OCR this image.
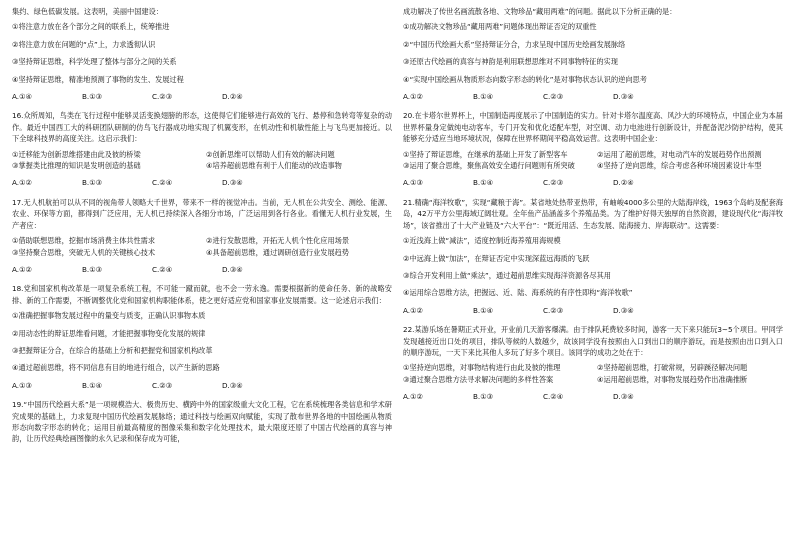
集约、绿色低碳发展。这表明，美丽中国建设：

①将注意力放在各个部分之间的联系上，统筹推进

②将注意力放在问题的“点”上，力求透彻认识

③坚持辩证思维，科学处理了整体与部分之间的关系

④坚持辩证思维，精准地预测了事物的发生、发展过程

A.①④	B.①③	C.②③	D.②④

16.众所周知，鸟类在飞行过程中能够灵活变换翅膀的形态，这使得它们能够进行高效的飞行、悬停和急转弯等复杂的动作。最近中国西工大的科研团队研制的仿鸟飞行器成功地实现了机翼变形，在机动性和机敏性能上与飞鸟更加接近。以下全球科技界的高度关注。这启示我们：

①迁移能为创新思维搭建由此及彼的桥梁	②创新思维可以帮助人们有效的解决问题
③掌握类比推理的知识是发明创造的基础	④培养超前思维有利于人们能动的改造事物
A.①②	B.①③	C.②④	D.③④

17.无人机航拍可以从不同的视角带人领略大千世界，带来不一样的视觉冲击。当前，无人机在公共安全、测绘、能源、农业、环保等方面，都得到广泛应用，无人机已持续深入各细分市场，广泛运用到各行各业。看懂无人机行业发展，生产者应：

①借助联想思维，挖掘市场消费主体共性需求	②进行发散思维，开拓无人机个性化应用场景
③坚持聚合思维，突破无人机的关键核心技术	④具备超前思维，通过调研创造行业发展趋势
A.①②	B.①③	C.②④	D.③④

18.党和国家机构改革是一项复杂系统工程，不可能一蹴而就，也不会一劳永逸。需要根据新的使命任务、新的战略安排、新的工作需要，不断调整优化党和国家机构职能体系，使之更好适应党和国家事业发展需要。这一论述启示我们：

①准确把握事物发展过程中的量变与质变，正确认识事物本质

②用动态性的辩证思维看问题，才能把握事物变化发展的规律

③把握辩证分合，在综合的基础上分析和把握党和国家机构改革

④通过超前思维，将不同信息有目的地进行组合，以产生新的思路

A.①③	B.①④	C.②③	D.③④

19.“中国历代绘画大系”是一项规模浩大、极贵历史、横跨中外的国家级重大文化工程，它在系统梳理各类信息和学术研究成果的基础上，力求复现中国历代绘画发展脉络；通过科技与绘画双向赋能，实现了散布世界各地的中国绘画从物质形态向数字形态的转化；运用目前最高精度的图像采集和数字化处理技术，最大限度还原了中国古代绘画的真容与神韵，让历代经典绘画图像的永久记录和保存成为可能，

成功解决了传世名画流散各地、文物珍品“藏用两难”的问题。据此以下分析正确的是：

①成功解决文物珍品“藏用两难”问题体现出辩证否定的双重性

②“中国历代绘画大系”坚持辩证分合，力求呈现中国历史绘画发展脉络

③还原古代绘画的真容与神韵是利用联想思维对不同事物特征的实现

④“实现中国绘画从物质形态向数字形态的转化”是对事物状态认识的逆向思考

A.①②	B.①④	C.②③	D.③④

20.在卡塔尔世界杯上，中国制造再度展示了中国制造的实力。针对卡塔尔温度高、风沙大的环境特点，中国企业为本届世界杯量身定做纯电动客车，专门开发和优化适配车型，对空调、动力电池进行创新设计，并配备泥沙防护结构，使其能够充分适应当地环境状况，保障在世界杯期间平稳高效运营。这表明中国企业：

①坚持了辩证思维，在继承的基础上开发了新型客车	②运用了超前思维，对电动汽车的发展趋势作出预测
③运用了聚合思维，聚焦高效安全通行问题则有所突破	④坚持了逆向思维，综合考虑各种环境因素设计车型
A.①③	B.①④	C.②③	D.②④

21.精确“海洋牧歌”，实现“藏粮于海”。某省地处热带亚热带，有岫峻4000多公里的大陆海岸线，1963个岛屿及配套海岛，42万平方公里海域辽阔壮观。全年鱼产品涵盖多个养殖品类。为了维护好得天独厚的自然资源，建设现代化“海洋牧场”，该省推出了十大产业链及“六大平台”：“既近用活、生态发展、陆海接力、岸海联动”。这需要：

①近浅海上做“减法”，适度控制近海养殖用海规模

②中远海上做“加法”，在辩证否定中实现深蓝远海质的飞跃

③综合开发利用上做“乘法”，通过超前思维实现海洋资源各尽其用

④运用综合思维方法，把握远、近、陆、海系统的有序性即构“海洋牧歌”

A.①②	B.①④	C.②③	D.③④

22.某游乐场在暑期正式开业，开业前几天游客爆满。由于排队耗费较多时间，游客一天下来只能玩3~5个项目。甲同学发现越接近出口处的项目，排队等候的人数越少，故该同学没有按照由入口到出口的顺序游玩，而是按照由出口到入口的顺序游玩，一天下来比其他人多玩了好多个项目。该同学的成功之处在于：

①坚持逆向思维，对事物结构进行由此及彼的推理	②坚持超前思维，打破常规，另辟蹊径解决问题
③通过聚合思维方法寻求解决问题的多样性答案	④运用超前思维，对事物发展趋势作出准确推断
A.①②	B.①③	C.②④	D.③④
